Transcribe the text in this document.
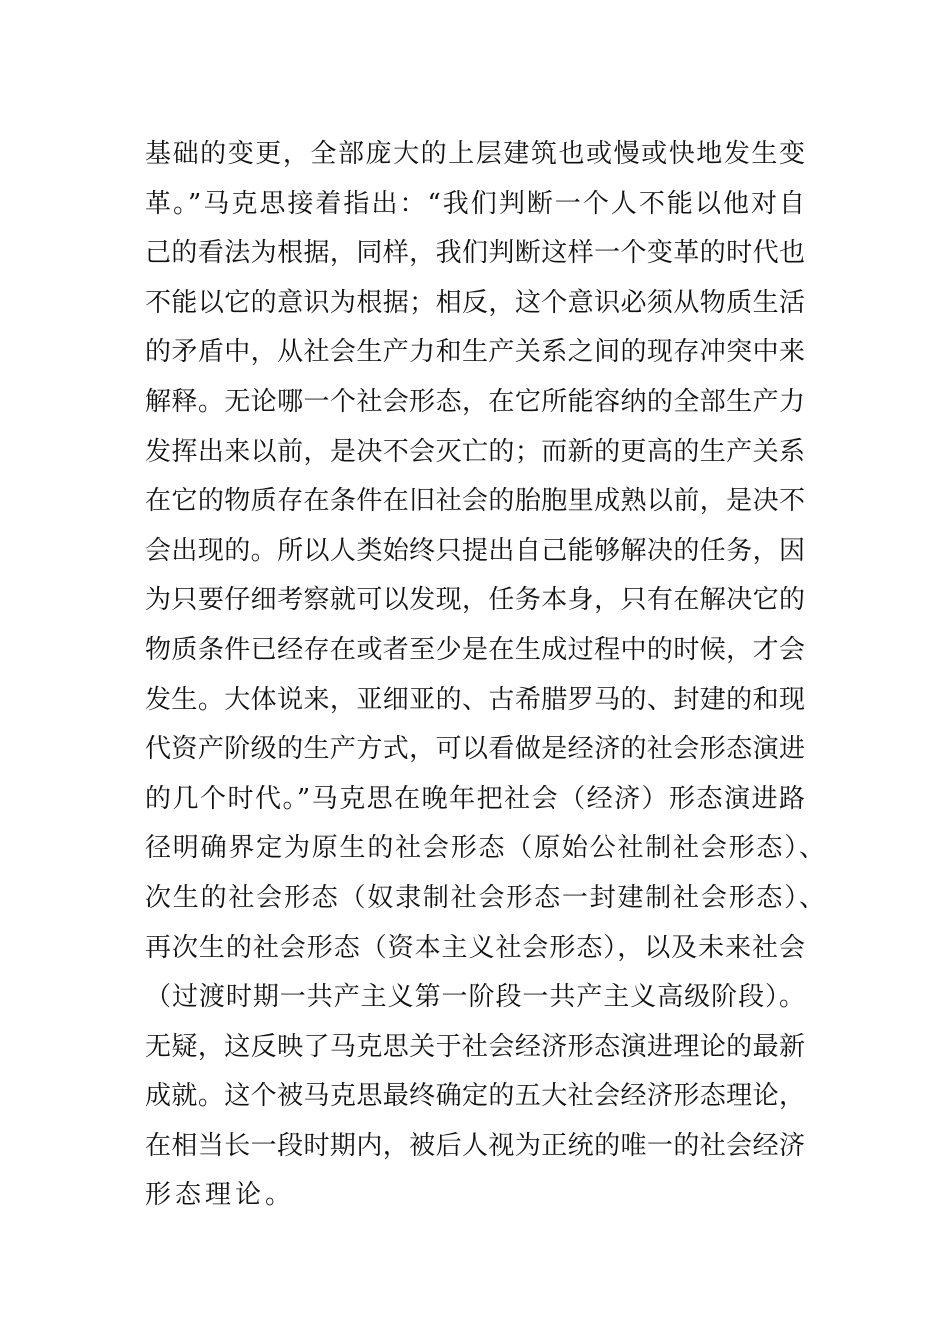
基础的变更，全部庞大的上层建筑也或慢或快地发生变
革。”马克思接着指出：“我们判断一个人不能以他对自
己的看法为根据，同样，我们判断这样一个变革的时代也
不能以它的意识为根据；相反，这个意识必须从物质生活
的矛盾中，从社会生产力和生产关系之间的现存冲突中来
解释。无论哪一个社会形态，在它所能容纳的全部生产力
发挥出来以前，是决不会灭亡的；而新的更高的生产关系
在它的物质存在条件在旧社会的胎胞里成熟以前，是决不
会出现的。所以人类始终只提出自己能够解决的任务，因
为只要仔细考察就可以发现，任务本身，只有在解决它的
物质条件已经存在或者至少是在生成过程中的时候，才会
发生。大体说来，亚细亚的、古希腊罗马的、封建的和现
代资产阶级的生产方式，可以看做是经济的社会形态演进
的几个时代。”马克思在晚年把社会（经济）形态演进路
径明确界定为原生的社会形态（原始公社制社会形态）、
次生的社会形态（奴隶制社会形态一封建制社会形态）、
再次生的社会形态（资本主义社会形态），以及未来社会
（过渡时期一共产主义第一阶段一共产主义高级阶段）。
无疑，这反映了马克思关于社会经济形态演进理论的最新
成就。这个被马克思最终确定的五大社会经济形态理论，
在相当长一段时期内，被后人视为正统的唯一的社会经济
形态理论。
